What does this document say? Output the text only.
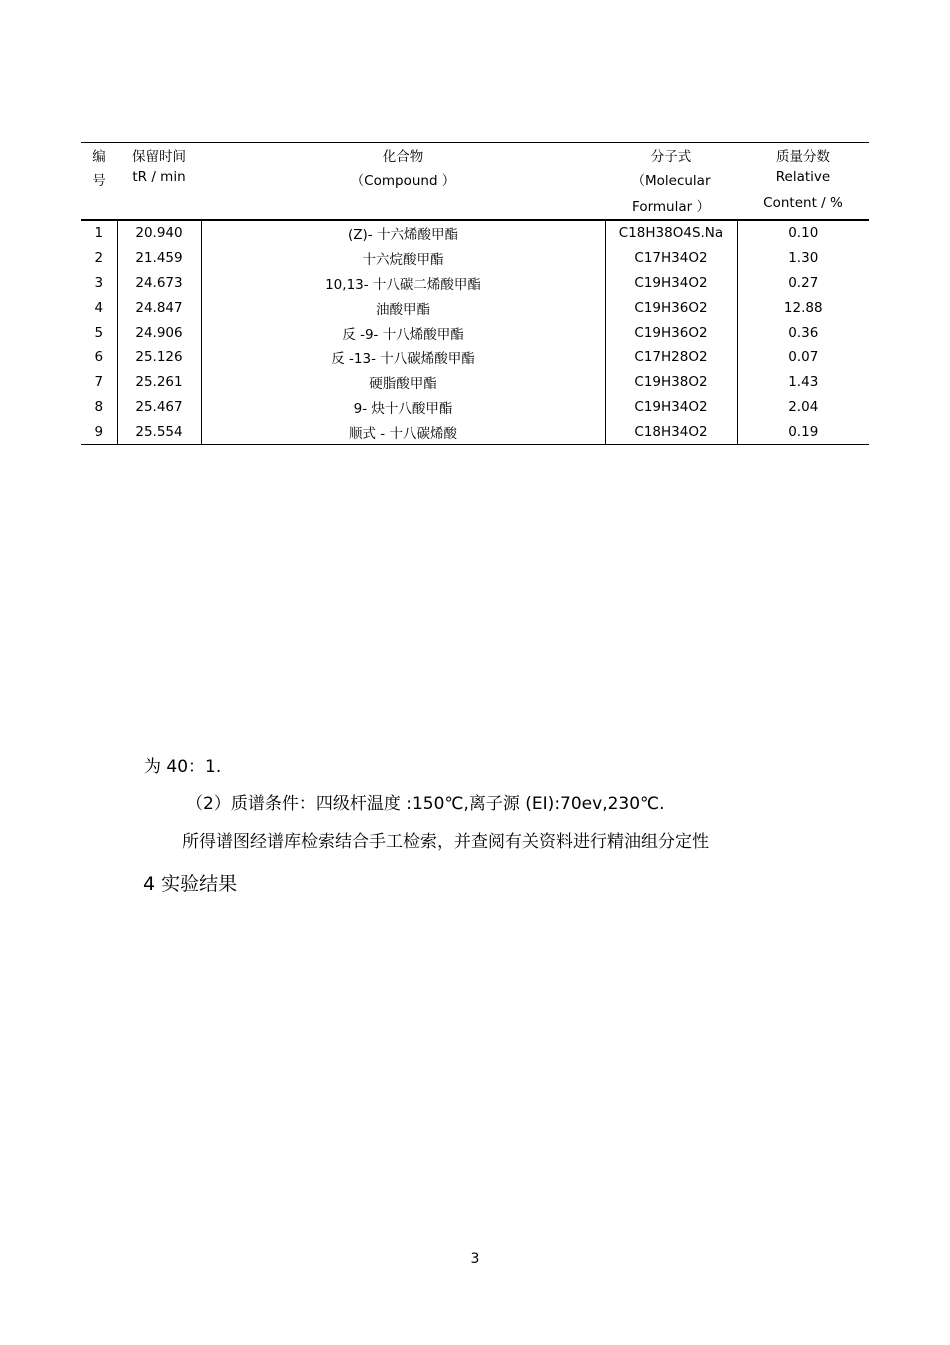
编	保留时间	化合物	分子式	质量分数
号	tR / min	（Compound ）	（Molecular	Relative
			Formular ）	Content / %
1	20.940	(Z)- 十六烯酸甲酯	C18H38O4S.Na	0.10
2	21.459	十六烷酸甲酯	C17H34O2	1.30
3	24.673	10,13- 十八碳二烯酸甲酯	C19H34O2	0.27
4	24.847	油酸甲酯	C19H36O2	12.88
5	24.906	反 -9- 十八烯酸甲酯	C19H36O2	0.36
6	25.126	反 -13- 十八碳烯酸甲酯	C17H28O2	0.07
7	25.261	硬脂酸甲酯	C19H38O2	1.43
8	25.467	9- 炔十八酸甲酯	C19H34O2	2.04
9	25.554	顺式 - 十八碳烯酸	C18H34O2	0.19
为 40：1.
（2）质谱条件：四级杆温度 :150℃,离子源 (EI):70ev,230℃.
所得谱图经谱库检索结合手工检索，并查阅有关资料进行精油组分定性
4 实验结果
3
